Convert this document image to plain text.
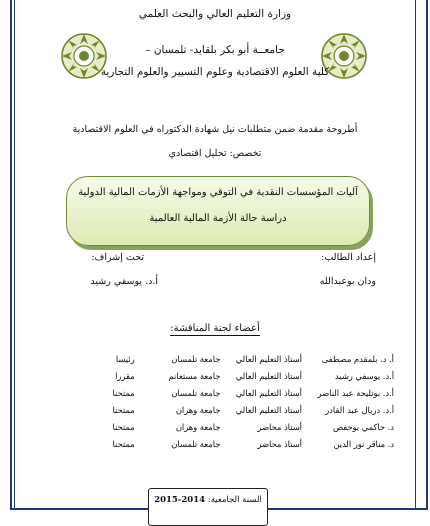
وزارة التعليم العالي والبحث العلمي
جامعــة أبو بكر بلقايد- تلمسان –
كلية العلوم الاقتصادية وعلوم التسيير والعلوم التجارية
أطروحة مقدمة ضمن متطلبات نيل شهادة الدكتوراه في العلوم الاقتصادية
تخصص: تحليل اقتصادي
آليات المؤسسات النقدية في التوقي ومواجهة الأزمات المالية الدولية
دراسة حالة الأزمة المالية العالمية
إعداد الطالب:
ودان بوعبدالله
تحت إشراف:
أ.د. يوسفي رشيد
أعضاء لجنة المناقشة:
أ. د. بلمقدم مصطفى	أستاذ التعليم العالي	جامعة تلمسان	رئيسا
أ.د. يوسفي رشيد	أستاذ التعليم العالي	جامعة مستغانم	مقررا
أ.د. بوتليحة عبد الناصر	أستاذ التعليم العالي	جامعة تلمسان	ممتحنا
أ.د. دربال عبد القادر	أستاذ التعليم العالي	جامعة وهران	ممتحنا
د. حاكمي بوحفص	أستاذ محاضر	جامعة وهران	ممتحنا
د. مناقر نور الدين	أستاذ محاضر	جامعة تلمسان	ممتحنا
السنة الجامعية: 2014-2015
